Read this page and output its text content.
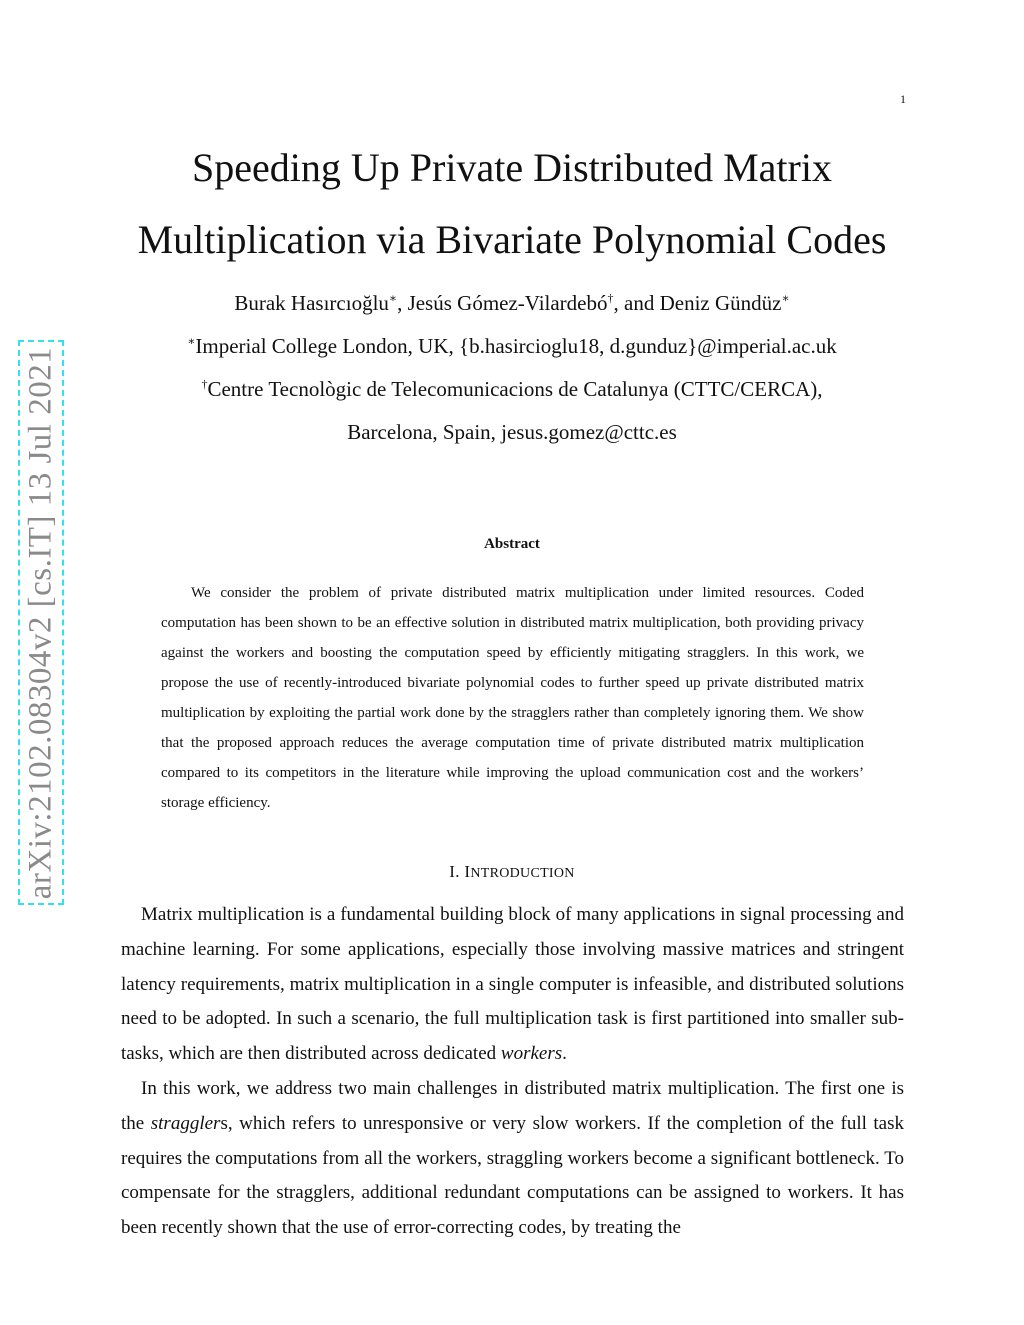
1
arXiv:2102.08304v2 [cs.IT] 13 Jul 2021
Speeding Up Private Distributed Matrix
Multiplication via Bivariate Polynomial Codes
Burak Hasırcıoğlu∗, Jesús Gómez-Vilardebó†, and Deniz Gündüz∗
∗Imperial College London, UK, {b.hasircioglu18, d.gunduz}@imperial.ac.uk
†Centre Tecnològic de Telecomunicacions de Catalunya (CTTC/CERCA),
Barcelona, Spain, jesus.gomez@cttc.es
Abstract

We consider the problem of private distributed matrix multiplication under limited resources. Coded computation has been shown to be an effective solution in distributed matrix multiplication, both providing privacy against the workers and boosting the computation speed by efficiently mitigating stragglers. In this work, we propose the use of recently-introduced bivariate polynomial codes to further speed up private distributed matrix multiplication by exploiting the partial work done by the stragglers rather than completely ignoring them. We show that the proposed approach reduces the average computation time of private distributed matrix multiplication compared to its competitors in the literature while improving the upload communication cost and the workers’ storage efficiency.

I. INTRODUCTION

Matrix multiplication is a fundamental building block of many applications in signal processing and machine learning. For some applications, especially those involving massive matrices and stringent latency requirements, matrix multiplication in a single computer is infeasible, and distributed solutions need to be adopted. In such a scenario, the full multiplication task is first partitioned into smaller sub-tasks, which are then distributed across dedicated workers.

In this work, we address two main challenges in distributed matrix multiplication. The first one is the stragglers, which refers to unresponsive or very slow workers. If the completion of the full task requires the computations from all the workers, straggling workers become a significant bottleneck. To compensate for the stragglers, additional redundant computations can be assigned to workers. It has been recently shown that the use of error-correcting codes, by treating the
